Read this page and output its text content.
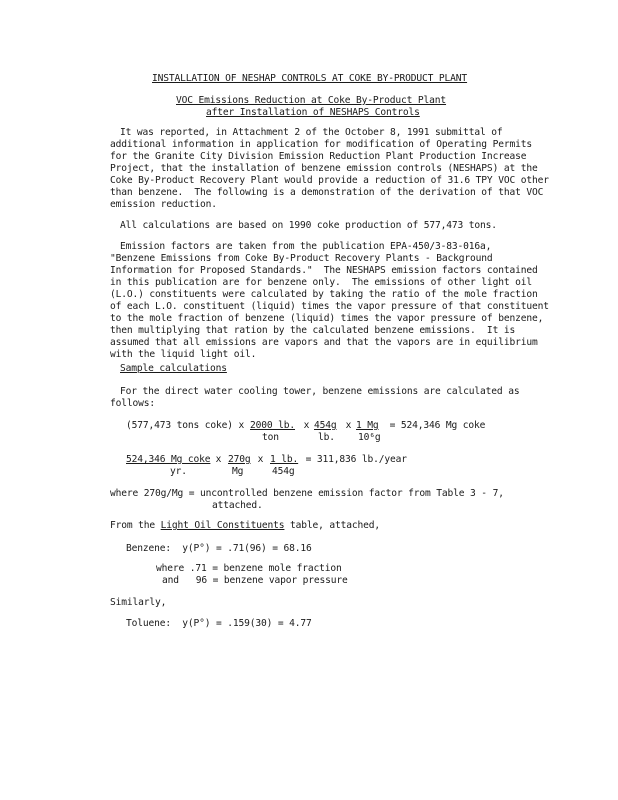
INSTALLATION OF NESHAP CONTROLS AT COKE BY-PRODUCT PLANT
VOC Emissions Reduction at Coke By-Product Plant
after Installation of NESHAPS Controls
It was reported, in Attachment 2 of the October 8, 1991 submittal of
additional information in application for modification of Operating Permits
for the Granite City Division Emission Reduction Plant Production Increase
Project, that the installation of benzene emission controls (NESHAPS) at the
Coke By-Product Recovery Plant would provide a reduction of 31.6 TPY VOC other
than benzene.  The following is a demonstration of the derivation of that VOC
emission reduction.
All calculations are based on 1990 coke production of 577,473 tons.
Emission factors are taken from the publication EPA-450/3-83-016a,
"Benzene Emissions from Coke By-Product Recovery Plants - Background
Information for Proposed Standards."  The NESHAPS emission factors contained
in this publication are for benzene only.  The emissions of other light oil
(L.O.) constituents were calculated by taking the ratio of the mole fraction
of each L.O. constituent (liquid) times the vapor pressure of that constituent
to the mole fraction of benzene (liquid) times the vapor pressure of benzene,
then multiplying that ration by the calculated benzene emissions.  It is
assumed that all emissions are vapors and that the vapors are in equilibrium
with the liquid light oil.
Sample calculations
For the direct water cooling tower, benzene emissions are calculated as
follows:
(577,473 tons coke) x 2000 lb.
ton
x 454g
lb.
x 1 Mg
10⁶g
= 524,346 Mg coke
524,346 Mg coke
yr.
x 270g
Mg
x 1 lb.
454g
= 311,836 lb./year
where 270g/Mg = uncontrolled benzene emission factor from Table 3 - 7,
attached.
From the Light Oil Constituents table, attached,
Benzene:  y(P°) = .71(96) = 68.16
where .71 = benzene mole fraction
and   96 = benzene vapor pressure
Similarly,
Toluene:  y(P°) = .159(30) = 4.77
